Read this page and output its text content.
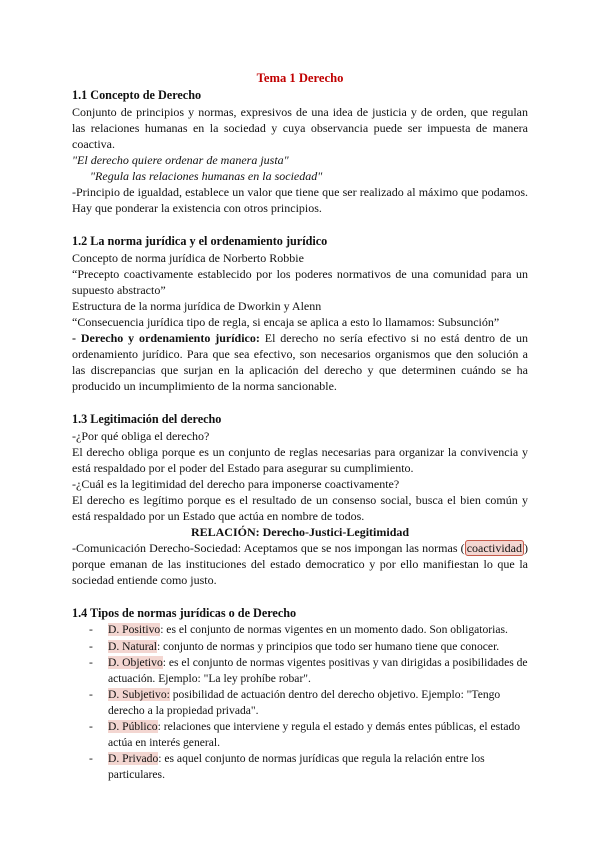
Tema 1 Derecho

1.1 Concepto de Derecho

Conjunto de principios y normas, expresivos de una idea de justicia y de orden, que regulan las relaciones humanas en la sociedad y cuya observancia puede ser impuesta de manera coactiva.

"El derecho quiere ordenar de manera justa"

"Regula las relaciones humanas en la sociedad"

-Principio de igualdad, establece un valor que tiene que ser realizado al máximo que podamos. Hay que ponderar la existencia con otros principios.

1.2 La norma jurídica y el ordenamiento jurídico

Concepto de norma jurídica de Norberto Robbie

“Precepto coactivamente establecido por los poderes normativos de una comunidad para un supuesto abstracto”

Estructura de la norma jurídica de Dworkin y Alenn

“Consecuencia jurídica tipo de regla, si encaja se aplica a esto lo llamamos: Subsunción”

- Derecho y ordenamiento jurídico: El derecho no sería efectivo si no está dentro de un ordenamiento jurídico. Para que sea efectivo, son necesarios organismos que den solución a las discrepancias que surjan en la aplicación del derecho y que determinen cuándo se ha producido un incumplimiento de la norma sancionable.

1.3 Legitimación del derecho

-¿Por qué obliga el derecho?

El derecho obliga porque es un conjunto de reglas necesarias para organizar la convivencia y está respaldado por el poder del Estado para asegurar su cumplimiento.

-¿Cuál es la legitimidad del derecho para imponerse coactivamente?

El derecho es legítimo porque es el resultado de un consenso social, busca el bien común y está respaldado por un Estado que actúa en nombre de todos.

RELACIÓN: Derecho-Justici-Legitimidad

-Comunicación Derecho-Sociedad: Aceptamos que se nos impongan las normas ( coactividad ) porque emanan de las instituciones del estado democratico y por ello manifiestan lo que la sociedad entiende como justo.

1.4 Tipos de normas jurídicas o de Derecho
- D. Positivo: es el conjunto de normas vigentes en un momento dado. Son obligatorias.
- D. Natural: conjunto de normas y principios que todo ser humano tiene que conocer.
- D. Objetivo: es el conjunto de normas vigentes positivas y van dirigidas a posibilidades de actuación. Ejemplo: "La ley prohíbe robar".
- D. Subjetivo: posibilidad de actuación dentro del derecho objetivo. Ejemplo: "Tengo derecho a la propiedad privada".
- D. Público: relaciones que interviene y regula el estado y demás entes públicas, el estado actúa en interés general.
- D. Privado: es aquel conjunto de normas jurídicas que regula la relación entre los particulares.
